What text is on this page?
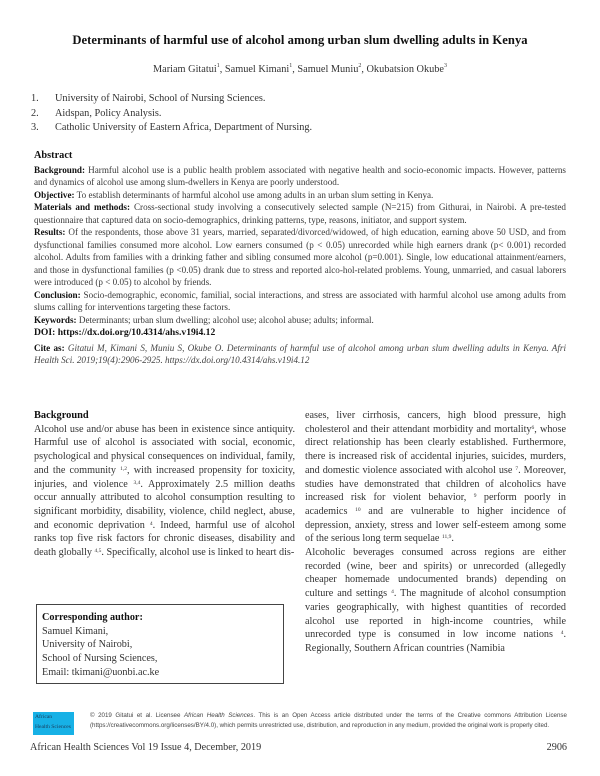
Determinants of harmful use of alcohol among urban slum dwelling adults in Kenya
Mariam Gitatui$^1$, Samuel Kimani$^1$, Samuel Muniu$^2$, Okubatsion Okube$^3$
1.	University of Nairobi, School of Nursing Sciences.
2.	Aidspan, Policy Analysis.
3.	Catholic University of Eastern Africa, Department of Nursing.
Abstract

Background: Harmful alcohol use is a public health problem associated with negative health and socio-economic impacts. However, patterns and dynamics of alcohol use among slum-dwellers in Kenya are poorly understood.

Objective: To establish determinants of harmful alcohol use among adults in an urban slum setting in Kenya.

Materials and methods: Cross-sectional study involving a consecutively selected sample (N=215) from Githurai, in Nairobi. A pre-tested questionnaire that captured data on socio-demographics, drinking patterns, type, reasons, initiator, and support system.

Results: Of the respondents, those above 31 years, married, separated/divorced/widowed, of high education, earning above 50 USD, and from dysfunctional families consumed more alcohol. Low earners consumed (p < 0.05) unrecorded while high earners drank (p< 0.001) recorded alcohol. Adults from families with a drinking father and sibling consumed more alcohol (p=0.001). Single, low educational attainment/earners, and those in dysfunctional families (p <0.05) drank due to stress and reported alco-hol-related problems. Young, unmarried, and casual laborers were introduced (p < 0.05) to alcohol by friends.

Conclusion: Socio-demographic, economic, familial, social interactions, and stress are associated with harmful alcohol use among adults from slums calling for interventions targeting these factors.

Keywords: Determinants; urban slum dwelling; alcohol use; alcohol abuse; adults; informal.

DOI: https://dx.doi.org/10.4314/ahs.v19i4.12

Cite as: Gitatui M, Kimani S, Muniu S, Okube O. Determinants of harmful use of alcohol among urban slum dwelling adults in Kenya. Afri Health Sci. 2019;19(4):2906-2925. https://dx.doi.org/10.4314/ahs.v19i4.12

Background

Alcohol use and/or abuse has been in existence since antiquity. Harmful use of alcohol is associated with social, economic, psychological and physical consequences on individual, family, and the community $^{1,2}$, with increased propensity for toxicity, injuries, and violence $^{3,4}$. Approximately 2.5 million deaths occur annually attributed to alcohol consumption resulting to significant morbidity, disability, violence, child neglect, abuse, and economic deprivation $^4$. Indeed, harmful use of alcohol ranks top five risk factors for chronic diseases, disability and death globally $^{4,5}$. Specifically, alcohol use is linked to heart dis-

eases, liver cirrhosis, cancers, high blood pressure, high cholesterol and their attendant morbidity and mortality$^6$, whose direct relationship has been clearly established. Furthermore, there is increased risk of accidental injuries, suicides, murders, and domestic violence associated with alcohol use $^7$. Moreover, studies have demonstrated that children of alcoholics have increased risk for violent behavior, $^9$ perform poorly in academics $^{10}$ and are vulnerable to higher incidence of depression, anxiety, stress and lower self-esteem among some of the serious long term sequelae $^{11,9}$.

Alcoholic beverages consumed across regions are either recorded (wine, beer and spirits) or unrecorded (allegedly cheaper homemade undocumented brands) depending on culture and settings $^4$. The magnitude of alcohol consumption varies geographically, with highest quantities of recorded alcohol use reported in high-income countries, while unrecorded type is consumed in low income nations $^4$. Regionally, Southern African countries (Namibia

Corresponding author:
Samuel Kimani,
University of Nairobi,
School of Nursing Sciences,
Email: tkimani@uonbi.ac.ke
African
Health Sciences
© 2019 Gitatui et al. Licensee African Health Sciences. This is an Open Access article distributed under the terms of the Creative commons Attribution License (https://creativecommons.org/licenses/BY/4.0), which permits unrestricted use, distribution, and reproduction in any medium, provided the original work is properly cited.
African Health Sciences Vol 19 Issue 4, December, 2019	2906
